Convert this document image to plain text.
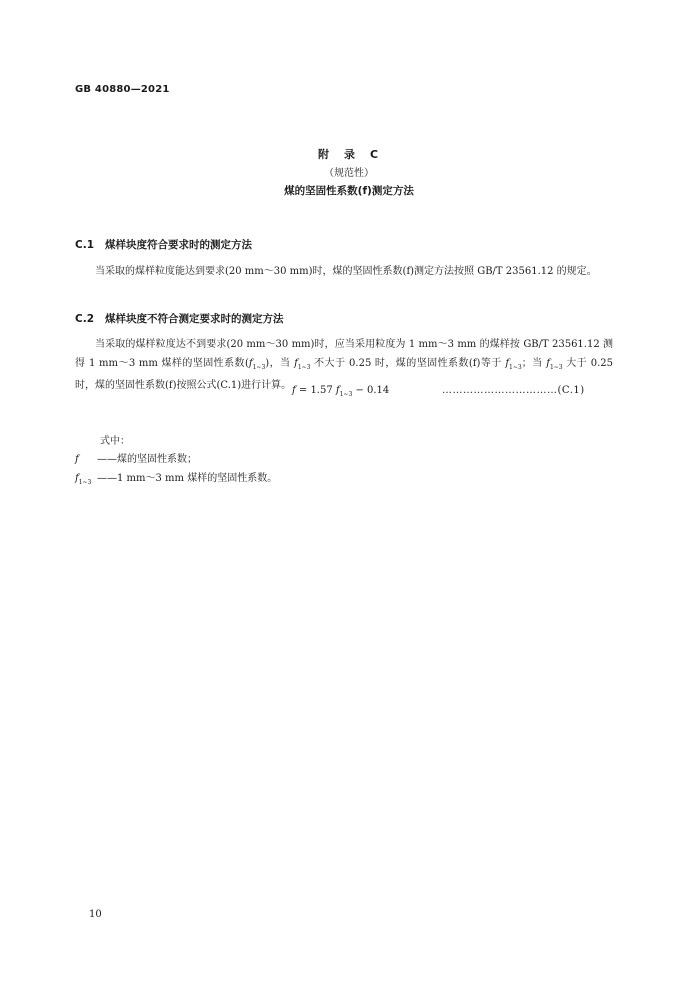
GB 40880—2021
附　录　C
（规范性）
煤的坚固性系数(f)测定方法
C.1 煤样块度符合要求时的测定方法
当采取的煤样粒度能达到要求(20 mm～30 mm)时，煤的坚固性系数(f)测定方法按照 GB/T 23561.12 的规定。
C.2 煤样块度不符合测定要求时的测定方法
当采取的煤样粒度达不到要求(20 mm～30 mm)时，应当采用粒度为 1 mm～3 mm 的煤样按 GB/T 23561.12 测得 1 mm～3 mm 煤样的坚固性系数$(f_{1\sim 3})$，当 $f_{1\sim 3}$ 不大于 0.25 时，煤的坚固性系数(f)等于 $f_{1\sim 3}$；当 $f_{1\sim 3}$ 大于 0.25 时，煤的坚固性系数(f)按照公式(C.1)进行计算。 f = 1.57 $f_{1\sim 3} - 0.14$	……………………………(C.1)
式中：
f ——煤的坚固性系数；
$f_{1\sim 3}$ ——1 mm～3 mm 煤样的坚固性系数。
10
